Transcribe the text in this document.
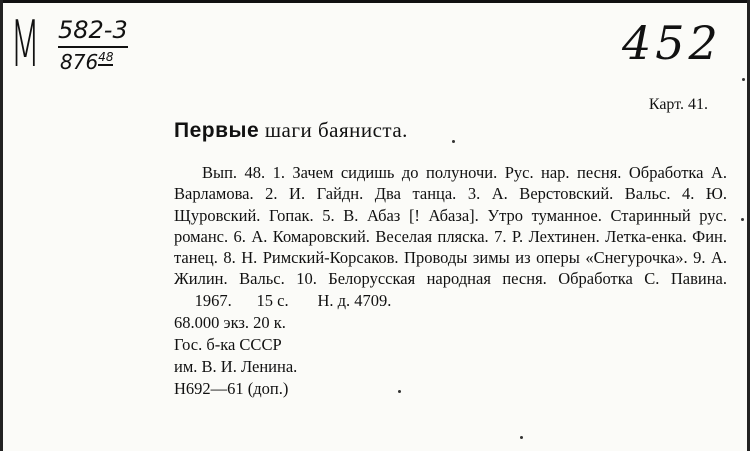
M 582-3
$876^{48}$	452
Карт. 41.
Первые шаги баяниста.
Вып. 48. 1. Зачем сидишь до полуночи. Рус. нар. песня. Обработка А. Варламова. 2. И. Гайдн. Два танца. 3. А. Верстовский. Вальс. 4. Ю. Щуровский. Гопак. 5. В. Абаз [! Абаза]. Утро туманное. Старинный рус. романс. 6. А. Комаровский. Веселая пляска. 7. Р. Лехтинен. Летка-енка. Фин. танец. 8. Н. Римский-Корсаков. Проводы зимы из оперы «Снегурочка». 9. А. Жилин. Вальс. 10. Белорусская народная песня. Обработка С. Павина.     1967.      15 с.       Н. д. 4709.
68.000 экз. 20 к.
Гос. б-ка СССР
им. В. И. Ленина.
Н692—61 (доп.)
